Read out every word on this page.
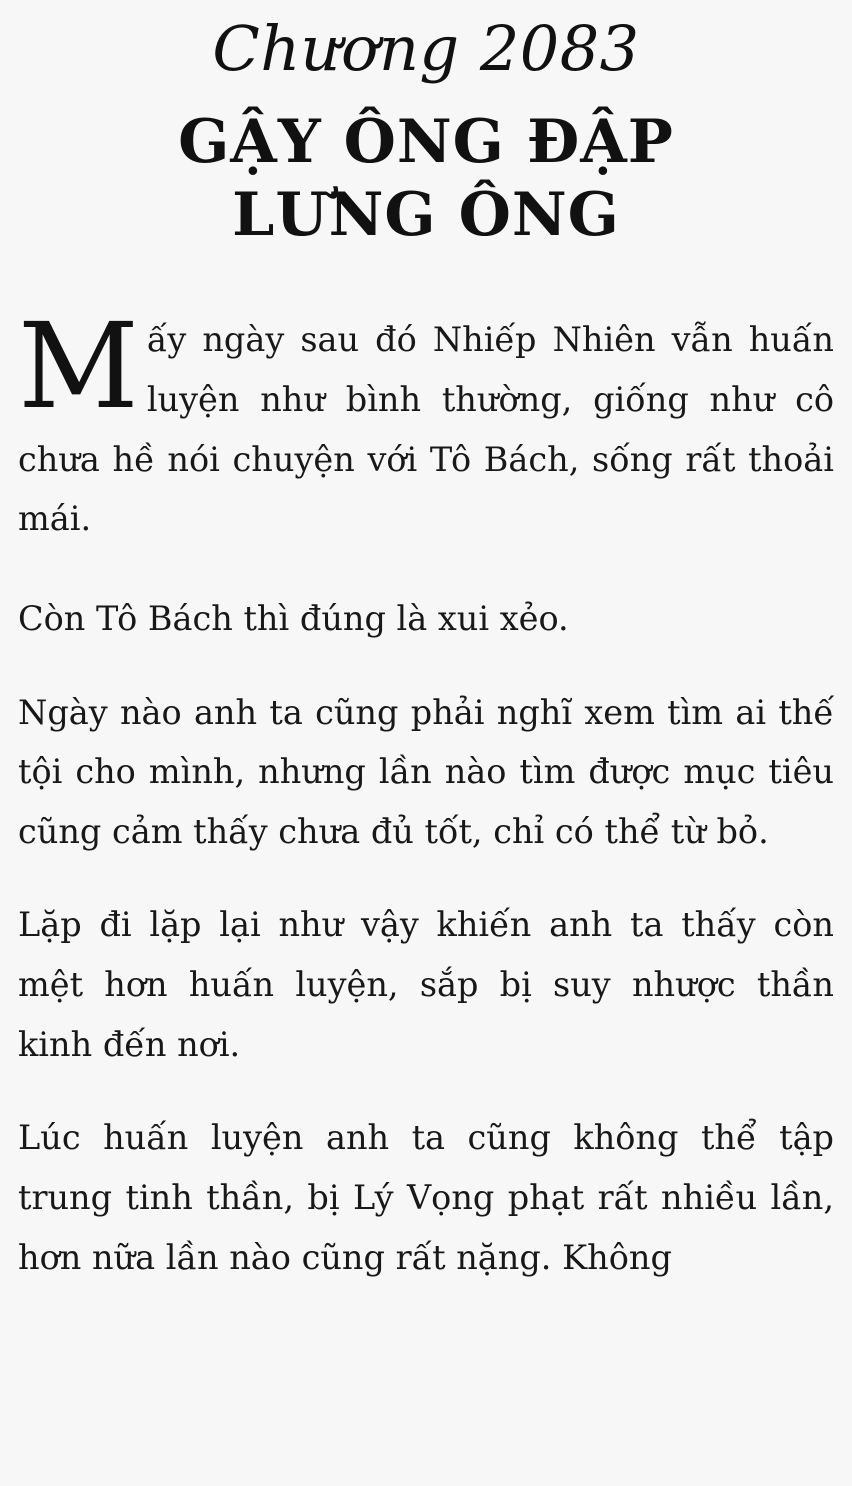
Chương 2083
GẬY ÔNG ĐẬP
LƯNG ÔNG

Mấy ngày sau đó Nhiếp Nhiên vẫn huấn luyện như bình thường, giống như cô chưa hề nói chuyện với Tô Bách, sống rất thoải mái.

Còn Tô Bách thì đúng là xui xẻo.

Ngày nào anh ta cũng phải nghĩ xem tìm ai thế tội cho mình, nhưng lần nào tìm được mục tiêu cũng cảm thấy chưa đủ tốt, chỉ có thể từ bỏ.

Lặp đi lặp lại như vậy khiến anh ta thấy còn mệt hơn huấn luyện, sắp bị suy nhược thần kinh đến nơi.

Lúc huấn luyện anh ta cũng không thể tập trung tinh thần, bị Lý Vọng phạt rất nhiều lần, hơn nữa lần nào cũng rất nặng. Không
